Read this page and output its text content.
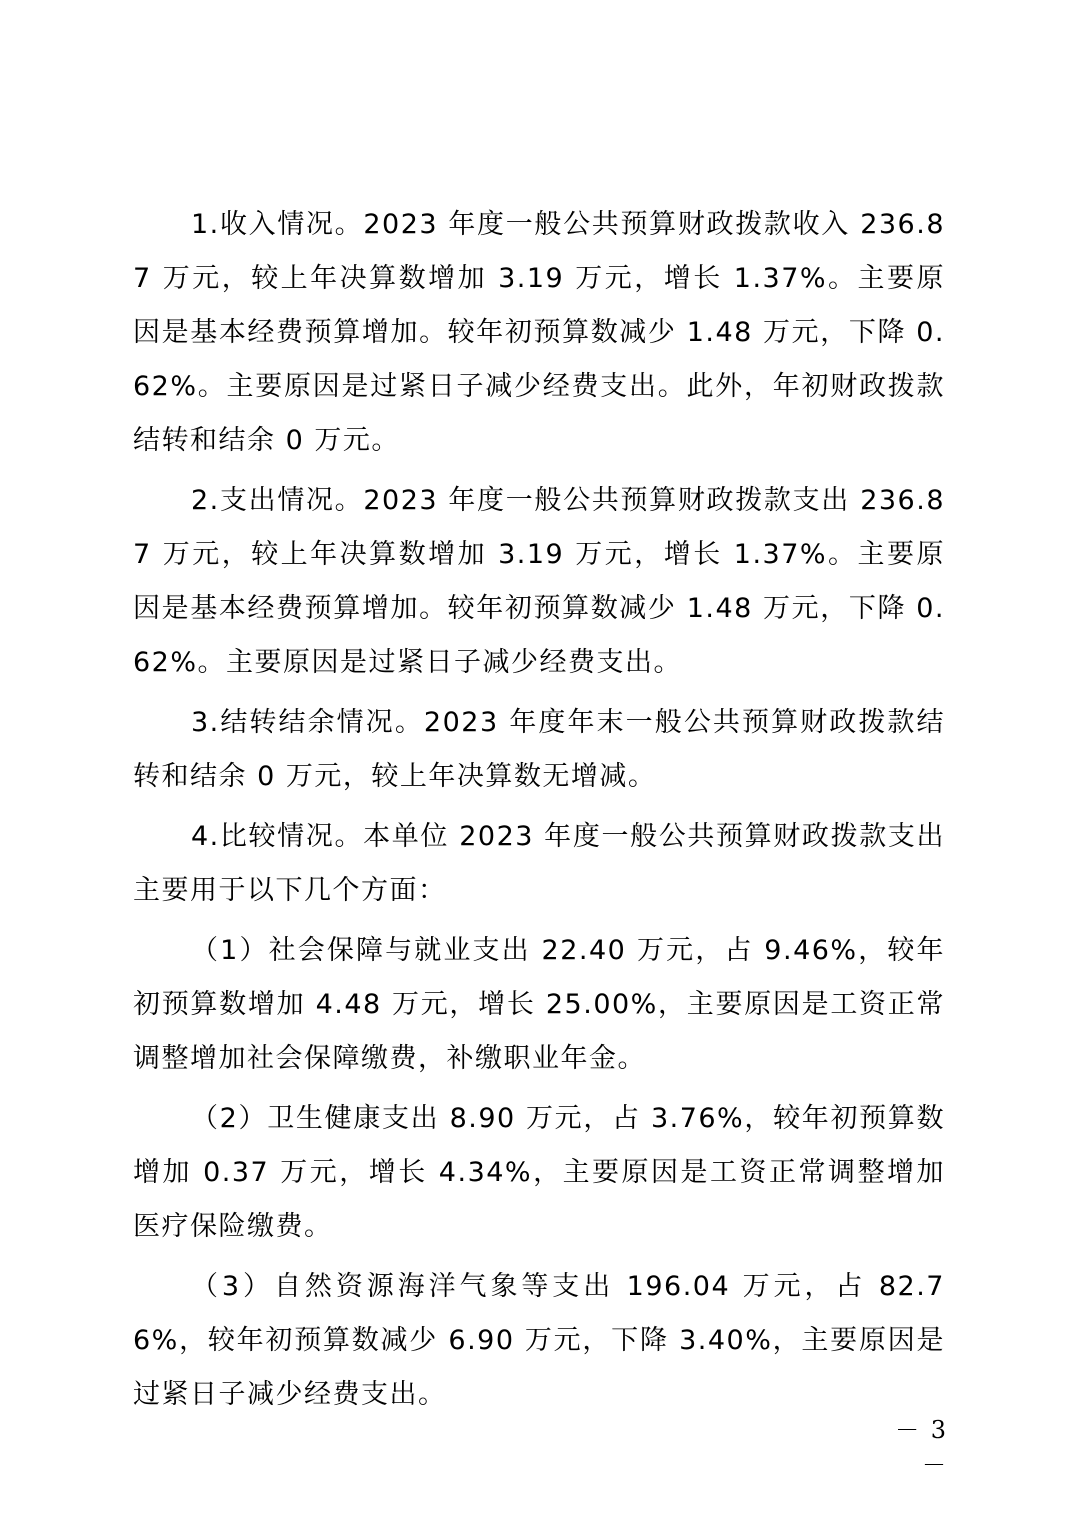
1.收入情况。2023 年度一般公共预算财政拨款收入 236.87 万元，较上年决算数增加 3.19 万元，增长 1.37%。主要原因是基本经费预算增加。较年初预算数减少 1.48 万元，下降 0.62%。主要原因是过紧日子减少经费支出。此外，年初财政拨款结转和结余 0 万元。

2.支出情况。2023 年度一般公共预算财政拨款支出 236.87 万元，较上年决算数增加 3.19 万元，增长 1.37%。主要原因是基本经费预算增加。较年初预算数减少 1.48 万元，下降 0.62%。主要原因是过紧日子减少经费支出。

3.结转结余情况。2023 年度年末一般公共预算财政拨款结转和结余 0 万元，较上年决算数无增减。

4.比较情况。本单位 2023 年度一般公共预算财政拨款支出主要用于以下几个方面：

（1）社会保障与就业支出 22.40 万元，占 9.46%，较年初预算数增加 4.48 万元，增长 25.00%，主要原因是工资正常调整增加社会保障缴费，补缴职业年金。

（2）卫生健康支出 8.90 万元，占 3.76%，较年初预算数增加 0.37 万元，增长 4.34%，主要原因是工资正常调整增加医疗保险缴费。

（3）自然资源海洋气象等支出 196.04 万元，占 82.76%，较年初预算数减少 6.90 万元，下降 3.40%，主要原因是过紧日子减少经费支出。

－ 3 －
